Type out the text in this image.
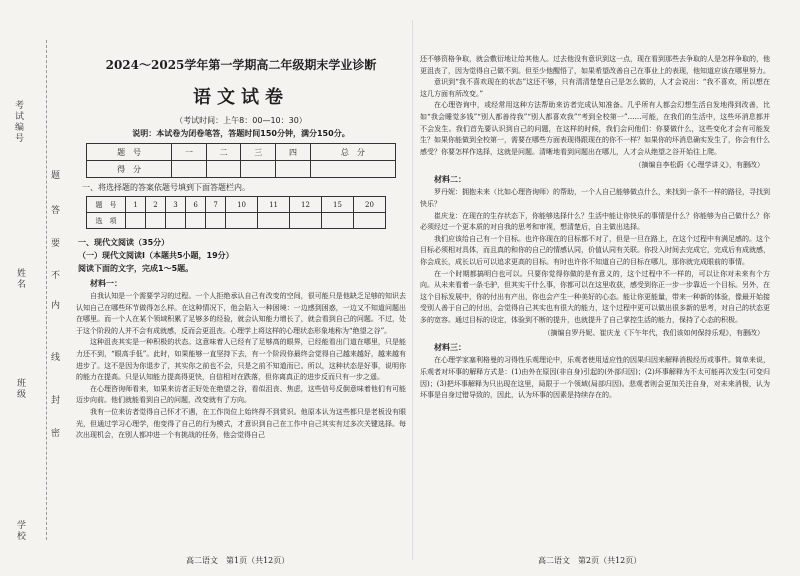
考试编号
姓名
班级
学校
题
答
要
不
内
线
封
密
2024～2025学年第一学期高二年级期末学业诊断
语文试卷
（考试时间：上午8：00—10：30）
说明：本试卷为闭卷笔答，答题时间150分钟，满分150分。
题　号	一	二	三	四	总　分
得　分					
一、将选择题的答案依题号填到下面答题栏内。
题　号	1	2	3	6	7	10	11	12	15	20
选　项										
一、现代文阅读（35分）
（一）现代文阅读Ⅰ（本题共5小题，19分）
阅读下面的文字，完成1～5题。
材料一：

自我认知是一个需要学习的过程。一个人拒绝承认自己有改变的空间，很可能只是他缺乏足够的知识去认知自己在哪些环节做得怎么样。在这种情况下，他会陷入一种困境：一边感到困惑，一边又不知道问题出在哪里。而一个人在某个领域积累了足够多的经验，就会认知能力增长了，就会看到自己的问题。不过，处于这个阶段的人并不会有成就感，反而会更沮丧。心理学上将这样的心理状态形象地称为“绝望之谷”。

这种沮丧其实是一种积极的状态。这意味着人已经有了足够高的眼界，已经能看出门道在哪里，只是能力还不到，“眼高手低”。此时，如果能够一直坚持下去，有一个阶段你最终会觉得自己越来越好，越来越有进步了。这不是因为你退步了，其实你之前也不会，只是之前不知道而已。所以，这种状态是好事，说明你的能力在提高。只是认知能力提高得更快，自信相对在跌落，但你离真正的进步反而只有一步之遥。

在心理咨询师看来，如果来访者正好处在绝望之谷，看似沮丧、焦虑，这些信号反倒意味着他们有可能迈步向前。他们就能看到自己的问题，改变就有了方向。

我有一位来访者觉得自己怀才不遇，在工作岗位上始终得不到赏识。他原本认为这些都只是老板没有眼光，但通过学习心理学，他变得了自己的行为模式，才意识到自己在工作中自己其实有过多次关键选择。每次出现机会，在别人都冲进一个有挑战的任务，他会觉得自己

还不够资格争取，就会敷衍地让给其他人。过去他没有意识到这一点，现在看到那些去争取的人是怎样争取的，他更沮丧了，因为觉得自己做不到。但至少他醒悟了，如果希望改善自己在事业上的表现，他知道应该在哪里努力。

意识到“我不喜欢现在的状态”这还不够，只有清清楚楚自己是怎么做的，人才会说出：“我不喜欢，所以想在这几方面有所改变。”

在心理咨询中，或经常用这种方法帮助来访者完成认知准备。几乎所有人都会幻想生活自发地得到改善，比如“我会睡觉多钱”“别人都善待我”“别人都喜欢我”“考到全校第一”……可能，在我们的生活中，这些坏消息都并不会发生。我们首先要认识到自己的问题，在这样的时候，我们会问他们：你要做什么，这些变化才会有可能发生？如果你能做到全校第一，需要在哪些方面表现得跟现在的你不一样？如果你的坏消息确实发生了，你会有什么感受？你要怎样作选择，这就是问题。清晰地看到问题出在哪儿，人才会从绝望之谷开始往上爬。

（摘编自李松蔚《心理学讲义》，有删改）
材料二：

罗丹妮：拥抱未来（比如心理咨询师）的帮助，一个人自己能够做点什么，来找到一条不一样的路径，寻找到快乐？

崔庆龙：在现在的生存状态下，你能够选择什么？生活中能让你快乐的事情是什么？你能够为自己做什么？你必须经过一个更本质的对自我的思考和审视，想清楚后，自主做出选择。

我们应该给自己有一个目标。也许你现在的目标都不对了，但是一旦在路上，在这个过程中有满足感的。这个目标必须相对具体，而且真的和你的自己的情感认同，价值认同有关联。你投入时间去完成它，完成后有成就感，你会成长，成长以后可以追求更高的目标。有时也许你不知道自己的目标在哪儿，那你就完成眼前的事情。

在一个时期都搞明白也可以。只要你觉得你做的是有意义的，这个过程中不一样的，可以让你对未来有个方向。从未来看着一条毛驴，但其实干什么事，你都可以在这里收获，感受到你正一步一步靠近一个目标。另外，在这个目标发展中，你的付出有产出，你也会产生一种美好的心态。能让你更能量，带来一种新的体验，像最开始接受别人善于自己的付出，会觉得自己其实也有很大的能力，这个过程中更可以做出很多新的思考，对自己的状态更多的宽容。通过目标的设定，体验到不断的提升，也就提升了自己掌控生活的能力，保持了心态的积极。

（摘编自罗丹妮、崔庆龙《下午年代，我们该如何保持乐观》，有删改）
材料三：

在心理学家塞利格曼的习得性乐观理论中，乐观者使用适应性的因果归因来解释消极经历或事件。简单来说，乐观者对坏事的解释方式是：(1)由外在原因(非自身)引起的(外部归因)；(2)坏事解释为不太可能再次发生(可变归因)；(3)把坏事解释为只出现在这里，局限于一个领域(局部归因)。悲观者则会更加关注自身，对未来消极，认为坏事是自身过错导致的，因此，认为坏事的因素是持续存在的。

高二语文　第1页（共12页）	高二语文　第2页（共12页）
